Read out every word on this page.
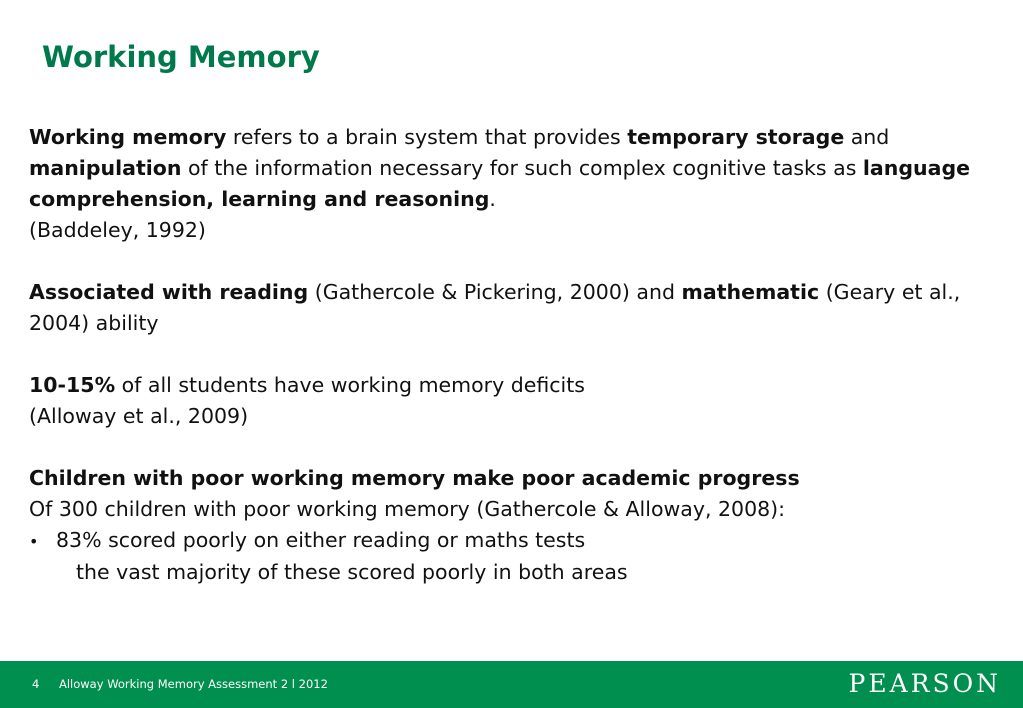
Working Memory

Working memory refers to a brain system that provides temporary storage and manipulation of the information necessary for such complex cognitive tasks as language comprehension, learning and reasoning.

(Baddeley, 1992)

Associated with reading (Gathercole & Pickering, 2000) and mathematic (Geary et al., 2004) ability

10-15% of all students have working memory deficits

(Alloway et al., 2009)

Children with poor working memory make poor academic progress

Of 300 children with poor working memory (Gathercole & Alloway, 2008):

• 83% scored poorly on either reading or maths tests

the vast majority of these scored poorly in both areas

4 Alloway Working Memory Assessment 2 l 2012	PEARSON
